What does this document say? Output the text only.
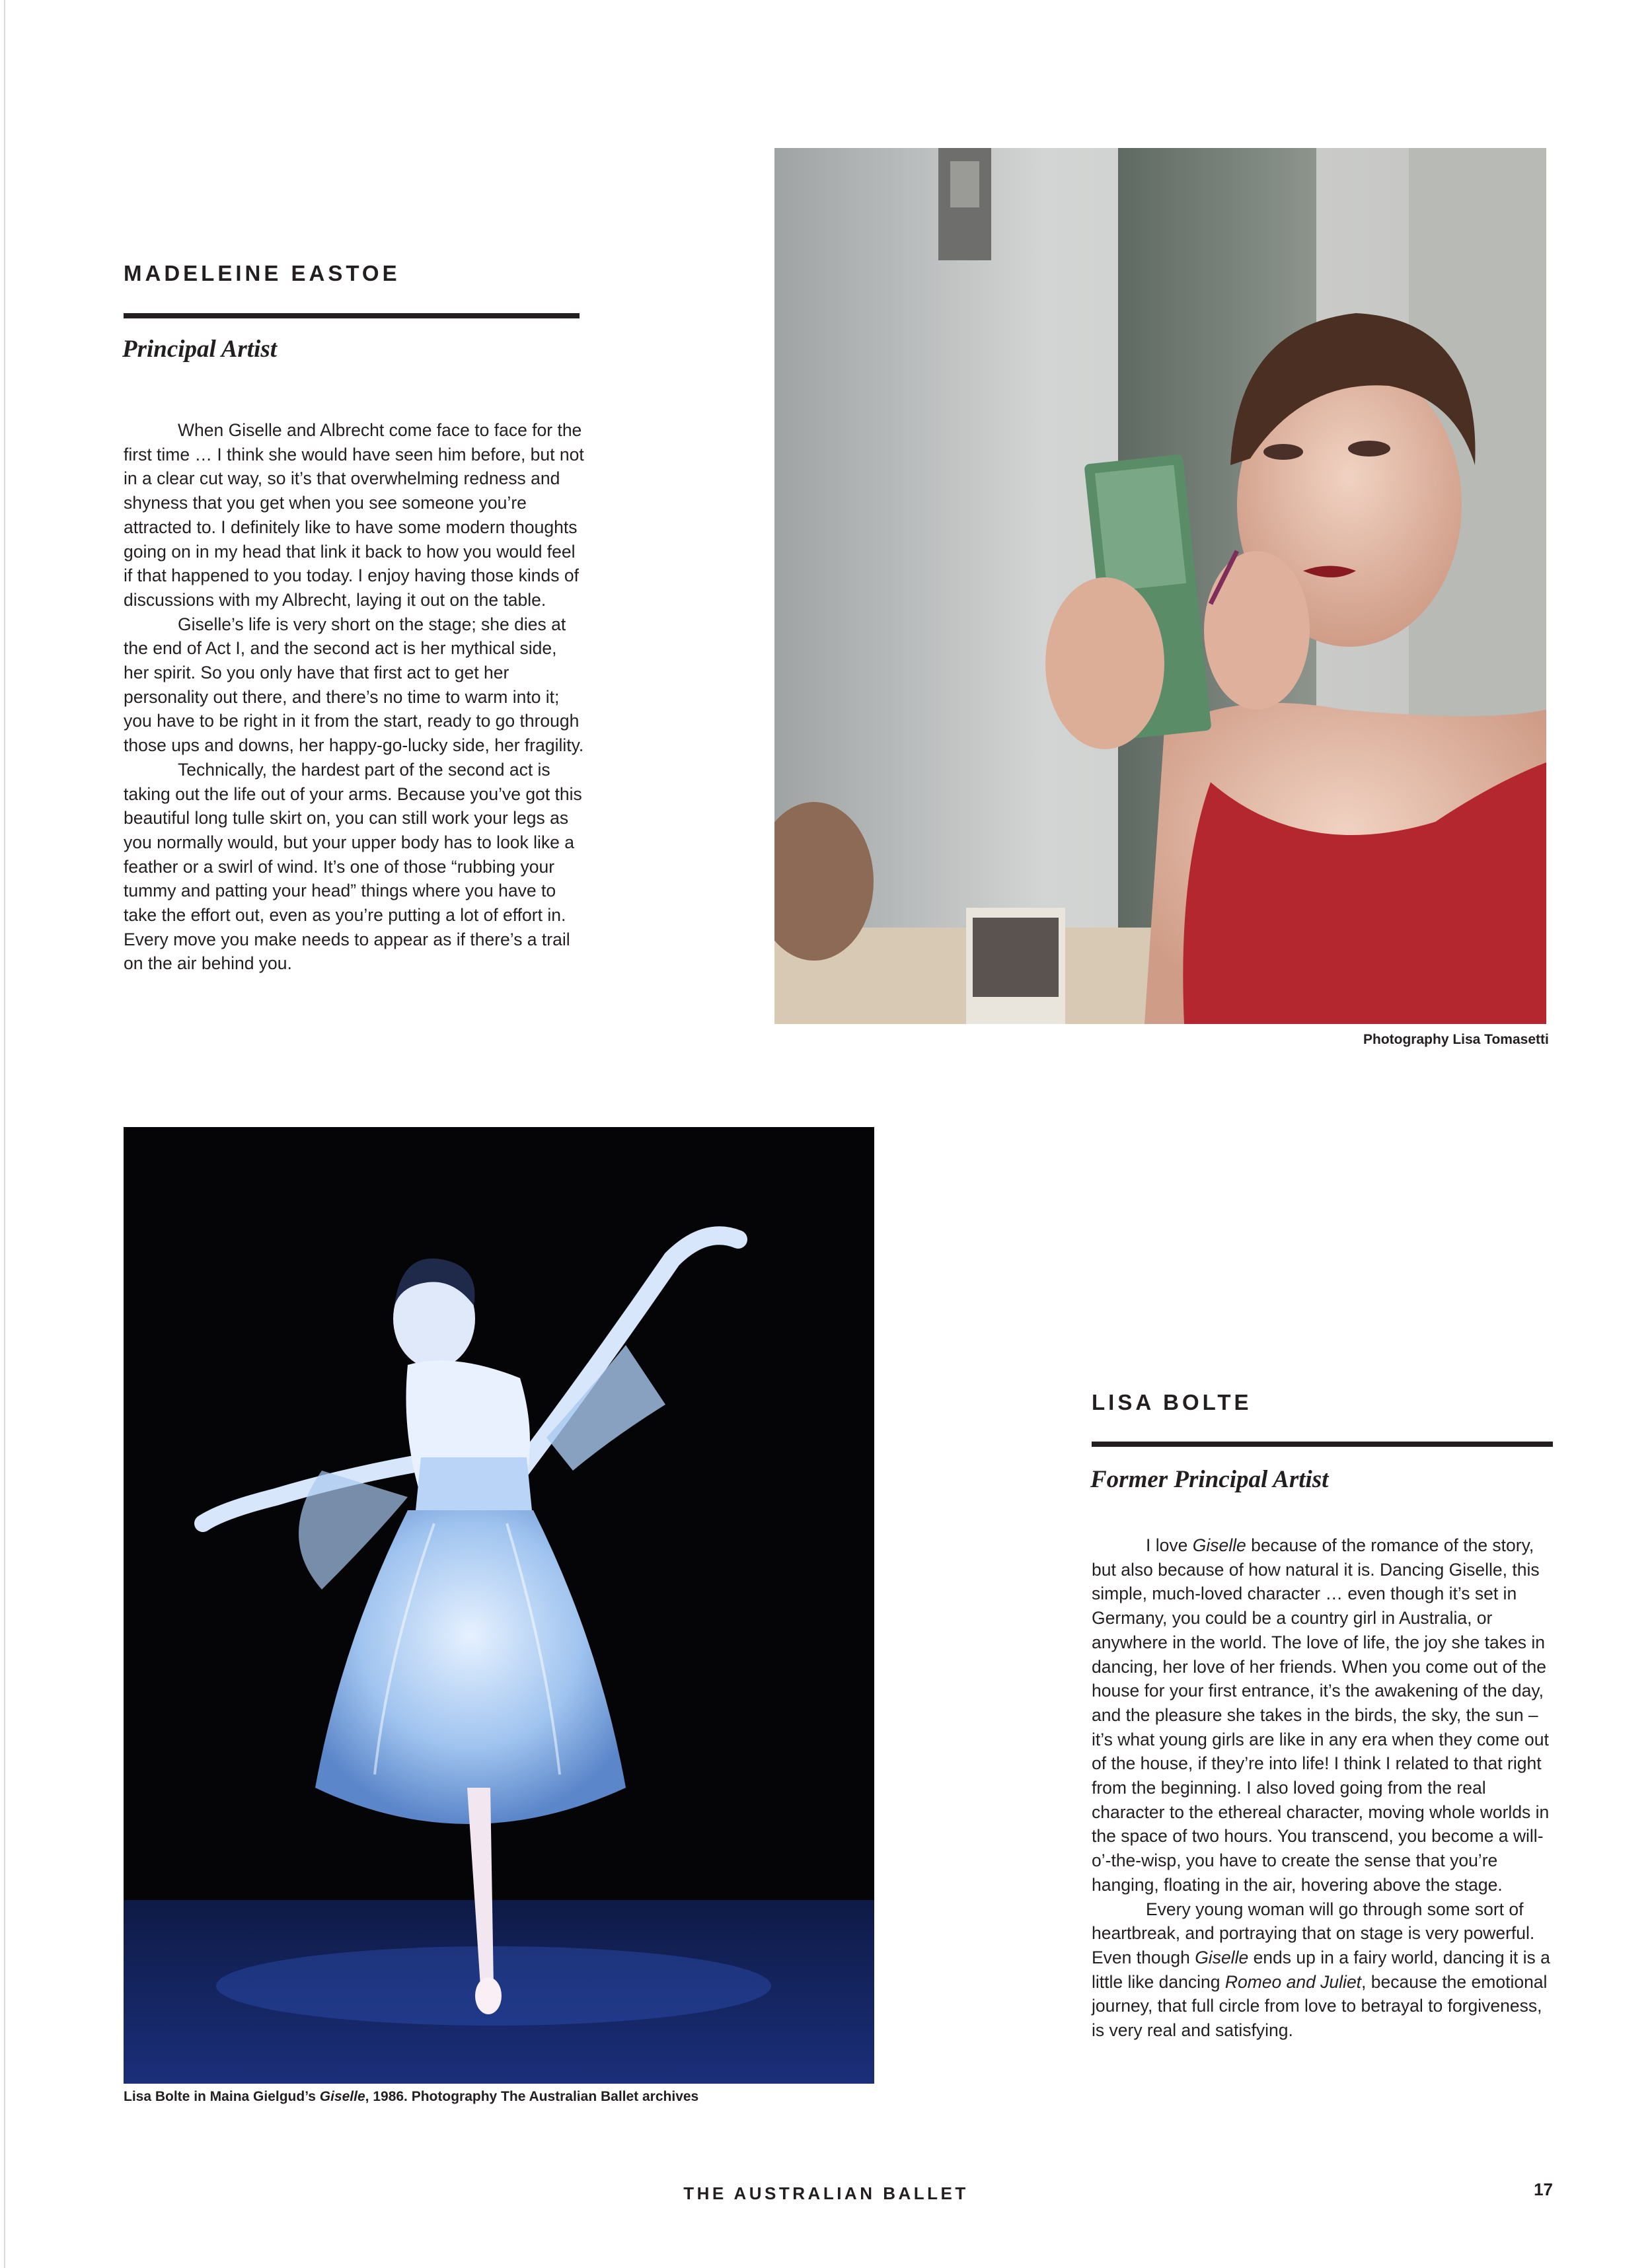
MADELEINE EASTOE
Principal Artist

When Giselle and Albrecht come face to face for the first time … I think she would have seen him before, but not in a clear cut way, so it’s that overwhelming redness and shyness that you get when you see someone you’re attracted to. I definitely like to have some modern thoughts going on in my head that link it back to how you would feel if that happened to you today. I enjoy having those kinds of discussions with my Albrecht, laying it out on the table.

Giselle’s life is very short on the stage; she dies at the end of Act I, and the second act is her mythical side, her spirit. So you only have that first act to get her personality out there, and there’s no time to warm into it; you have to be right in it from the start, ready to go through those ups and downs, her happy-go-lucky side, her fragility.

Technically, the hardest part of the second act is taking out the life out of your arms. Because you’ve got this beautiful long tulle skirt on, you can still work your legs as you normally would, but your upper body has to look like a feather or a swirl of wind. It’s one of those “rubbing your tummy and patting your head” things where you have to take the effort out, even as you’re putting a lot of effort in. Every move you make needs to appear as if there’s a trail on the air behind you.

Photography Lisa Tomasetti
Lisa Bolte in Maina Gielgud’s Giselle, 1986. Photography The Australian Ballet archives
LISA BOLTE
Former Principal Artist

I love Giselle because of the romance of the story, but also because of how natural it is. Dancing Giselle, this simple, much-loved character … even though it’s set in Germany, you could be a country girl in Australia, or anywhere in the world. The love of life, the joy she takes in dancing, her love of her friends. When you come out of the house for your first entrance, it’s the awakening of the day, and the pleasure she takes in the birds, the sky, the sun – it’s what young girls are like in any era when they come out of the house, if they’re into life! I think I related to that right from the beginning. I also loved going from the real character to the ethereal character, moving whole worlds in the space of two hours. You transcend, you become a will- o’-the-wisp, you have to create the sense that you’re hanging, floating in the air, hovering above the stage.

Every young woman will go through some sort of heartbreak, and portraying that on stage is very powerful. Even though Giselle ends up in a fairy world, dancing it is a little like dancing Romeo and Juliet, because the emotional journey, that full circle from love to betrayal to forgiveness, is very real and satisfying.

THE AUSTRALIAN BALLET	17
